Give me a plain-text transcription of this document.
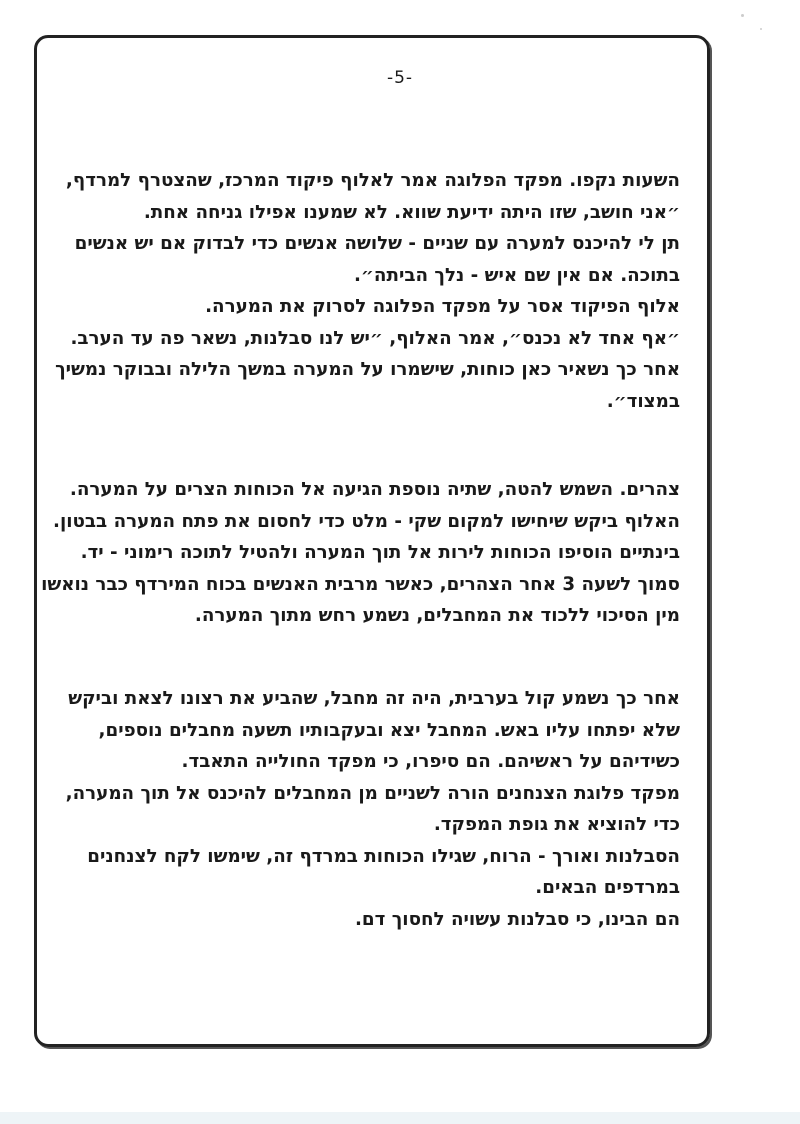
-5-
השעות נקפו. מפקד הפלוגה אמר לאלוף פיקוד המרכז, שהצטרף למרדף,
״אני חושב, שזו היתה ידיעת שווא. לא שמענו אפילו גניחה אחת.
תן לי להיכנס למערה עם שניים - שלושה אנשים כדי לבדוק אם יש אנשים
בתוכה. אם אין שם איש - נלך הביתה״.
אלוף הפיקוד אסר על מפקד הפלוגה לסרוק את המערה.
״אף אחד לא נכנס״, אמר האלוף, ״יש לנו סבלנות, נשאר פה עד הערב.
אחר כך נשאיר כאן כוחות, שישמרו על המערה במשך הלילה ובבוקר נמשיך
במצוד״.
צהרים. השמש להטה, שתיה נוספת הגיעה אל הכוחות הצרים על המערה.
האלוף ביקש שיחישו למקום שקי - מלט כדי לחסום את פתח המערה בבטון.
בינתיים הוסיפו הכוחות לירות אל תוך המערה ולהטיל לתוכה רימוני - יד.
סמוך לשעה 3 אחר הצהרים, כאשר מרבית האנשים בכוח המירדף כבר נואשו
מין הסיכוי ללכוד את המחבלים, נשמע רחש מתוך המערה.
אחר כך נשמע קול בערבית, היה זה מחבל, שהביע את רצונו לצאת וביקש
שלא יפתחו עליו באש. המחבל יצא ובעקבותיו תשעה מחבלים נוספים,
כשידיהם על ראשיהם. הם סיפרו, כי מפקד החולייה התאבד.
מפקד פלוגת הצנחנים הורה לשניים מן המחבלים להיכנס אל תוך המערה,
כדי להוציא את גופת המפקד.
הסבלנות ואורך - הרוח, שגילו הכוחות במרדף זה, שימשו לקח לצנחנים
במרדפים הבאים.
הם הבינו, כי סבלנות עשויה לחסוך דם.
